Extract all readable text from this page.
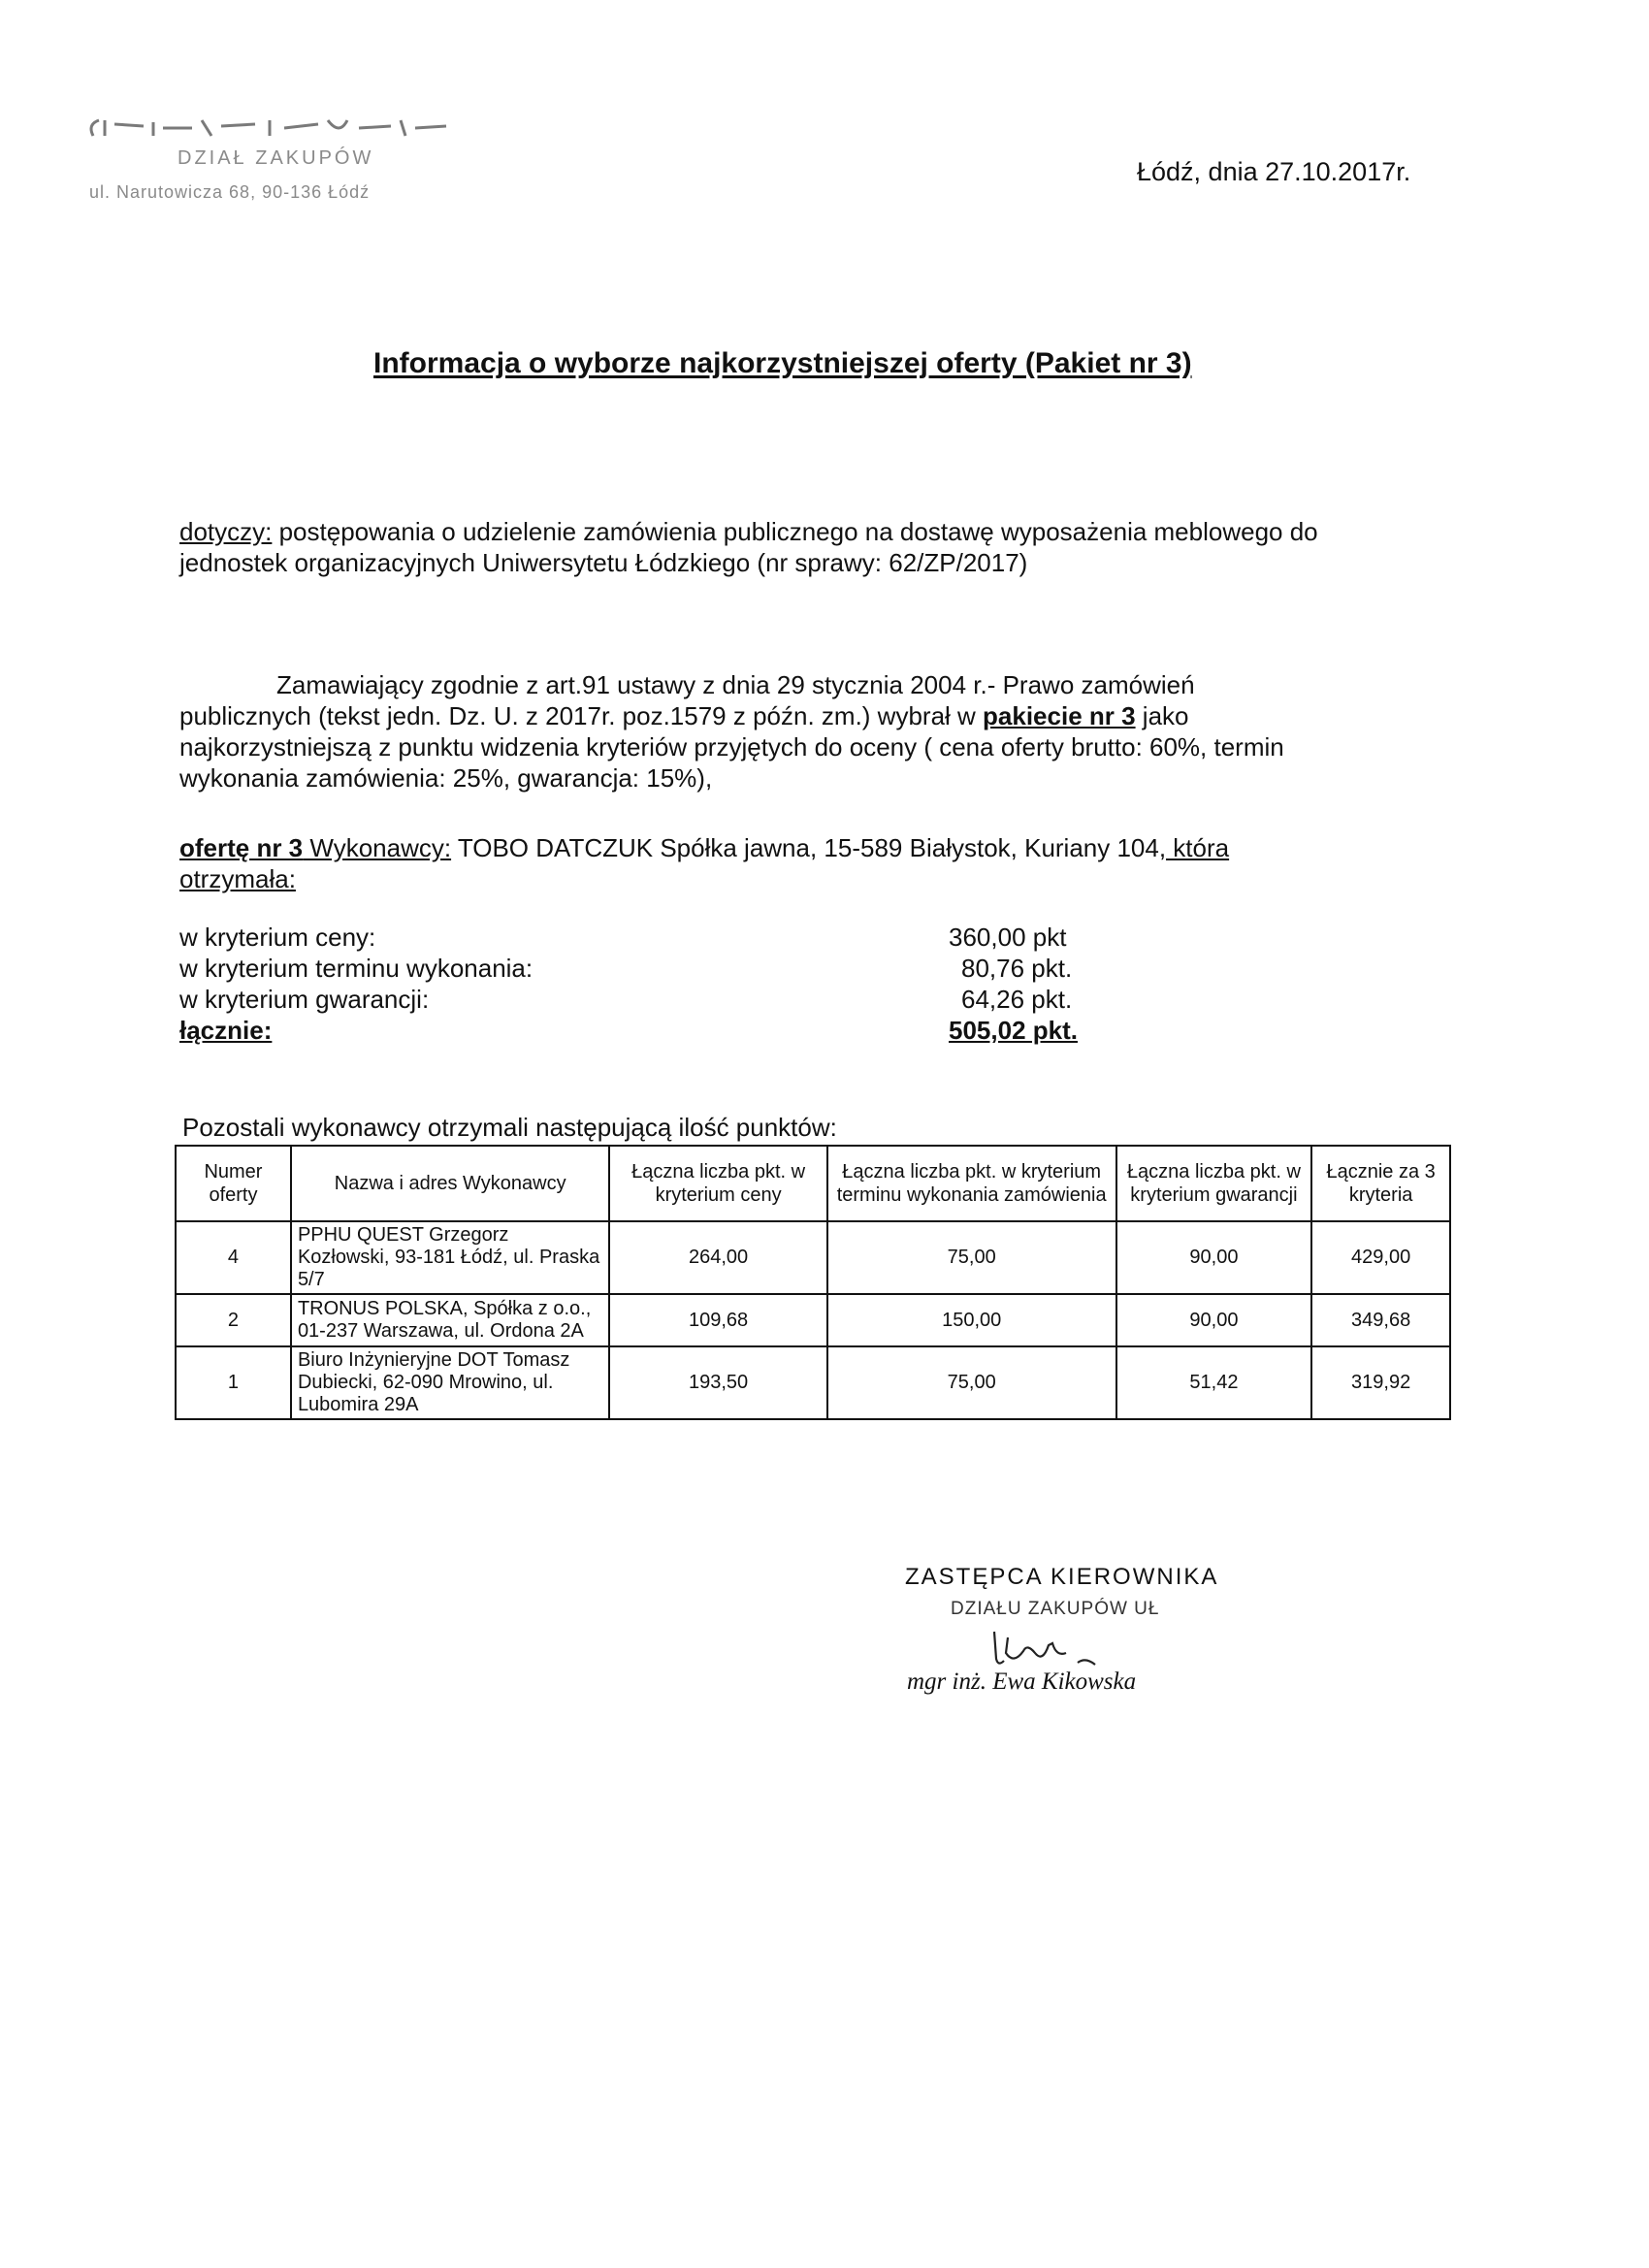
DZIAŁ ZAKUPÓW
ul. Narutowicza 68, 90-136 Łódź
Łódź, dnia 27.10.2017r.
Informacja o wyborze najkorzystniejszej oferty (Pakiet nr 3)
dotyczy: postępowania o udzielenie zamówienia publicznego na dostawę wyposażenia meblowego do
jednostek organizacyjnych Uniwersytetu Łódzkiego (nr sprawy: 62/ZP/2017)
Zamawiający zgodnie z art.91 ustawy z dnia 29 stycznia 2004 r.- Prawo zamówień
publicznych (tekst jedn. Dz. U. z 2017r. poz.1579 z późn. zm.) wybrał w pakiecie nr 3 jako
najkorzystniejszą z punktu widzenia kryteriów przyjętych do oceny ( cena oferty brutto: 60%, termin
wykonania zamówienia: 25%, gwarancja: 15%),
ofertę nr 3 Wykonawcy: TOBO DATCZUK Spółka jawna, 15-589 Białystok, Kuriany 104, która
otrzymała:
w kryterium ceny:	360,00 pkt
w kryterium terminu wykonania:	80,76 pkt.
w kryterium gwarancji:	64,26 pkt.
łącznie:	505,02 pkt.
Pozostali wykonawcy otrzymali następującą ilość punktów:
Numer oferty	Nazwa i adres Wykonawcy	Łączna liczba pkt. w kryterium ceny	Łączna liczba pkt. w kryterium terminu wykonania zamówienia	Łączna liczba pkt. w kryterium gwarancji	Łącznie za 3 kryteria
4	PPHU QUEST Grzegorz Kozłowski, 93-181 Łódź, ul. Praska 5/7	264,00	75,00	90,00	429,00
2	TRONUS POLSKA, Spółka z o.o., 01-237 Warszawa, ul. Ordona 2A	109,68	150,00	90,00	349,68
1	Biuro Inżynieryjne DOT Tomasz Dubiecki, 62-090 Mrowino, ul. Lubomira 29A	193,50	75,00	51,42	319,92
ZASTĘPCA KIEROWNIKA
DZIAŁU ZAKUPÓW UŁ
mgr inż. Ewa Kikowska
